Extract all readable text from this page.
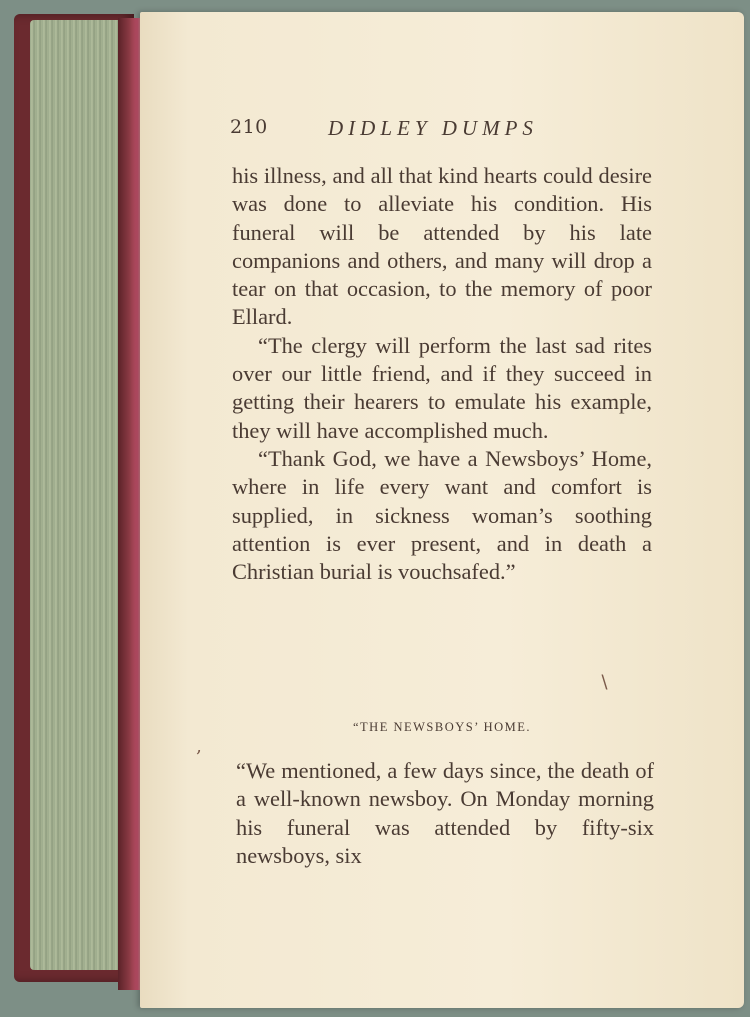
210	DIDLEY DUMPS

his illness, and all that kind hearts could desire was done to alleviate his condition. His funeral will be attended by his late companions and others, and many will drop a tear on that occasion, to the memory of poor Ellard.

“The clergy will perform the last sad rites over our little friend, and if they succeed in getting their hearers to emulate his example, they will have accomplished much.

“Thank God, we have a Newsboys’ Home, where in life every want and comfort is supplied, in sickness woman’s soothing attention is ever present, and in death a Christian burial is vouchsafed.”

“THE NEWSBOYS’ HOME.

“We mentioned, a few days since, the death of a well-known newsboy. On Monday morning his funeral was attended by fifty-six newsboys, six

∖
‚
